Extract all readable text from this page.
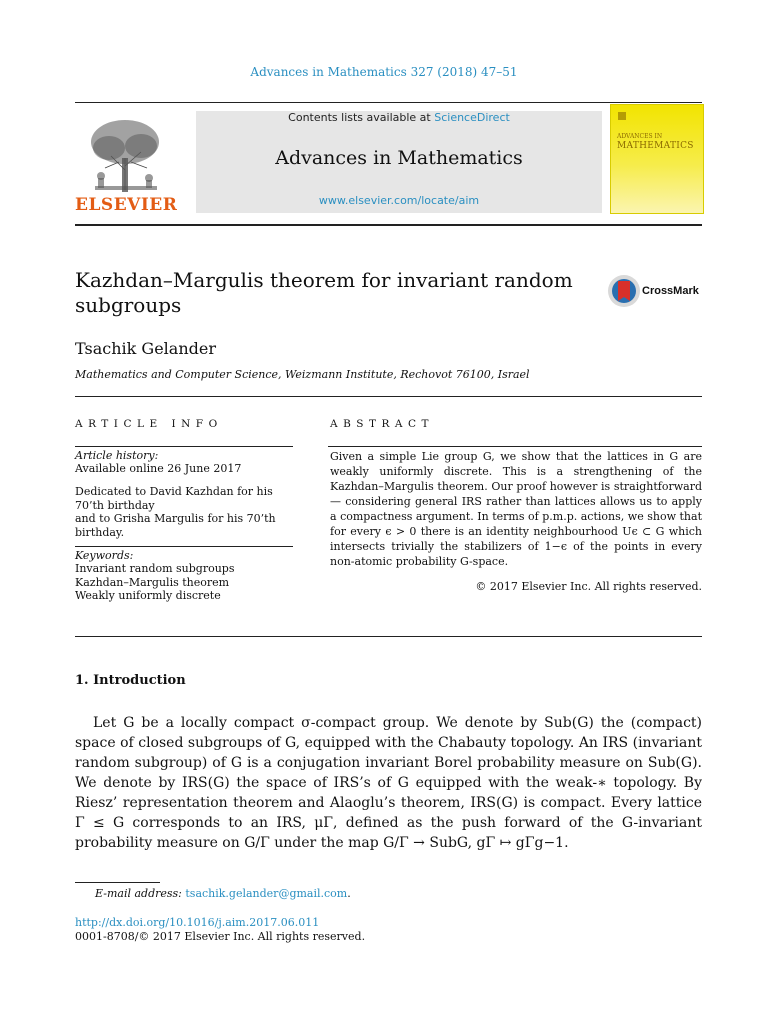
Advances in Mathematics 327 (2018) 47–51
ELSEVIER
Contents lists available at ScienceDirect
Advances in Mathematics
www.elsevier.com/locate/aim
ADVANCES IN
MATHEMATICS
Kazhdan–Margulis theorem for invariant random subgroups
CrossMark
Tsachik Gelander
Mathematics and Computer Science, Weizmann Institute, Rechovot 76100, Israel
ARTICLE INFO
Article history:
Available online 26 June 2017
Dedicated to David Kazhdan for his
70’th birthday
and to Grisha Margulis for his 70’th
birthday.
Keywords:
Invariant random subgroups
Kazhdan–Margulis theorem
Weakly uniformly discrete
ABSTRACT
Given a simple Lie group G, we show that the lattices in G are weakly uniformly discrete. This is a strengthening of the Kazhdan–Margulis theorem. Our proof however is straightforward — considering general IRS rather than lattices allows us to apply a compactness argument. In terms of p.m.p. actions, we show that for every ϵ > 0 there is an identity neighbourhood Uϵ ⊂ G which intersects trivially the stabilizers of 1−ϵ of the points in every non-atomic probability G-space.
© 2017 Elsevier Inc. All rights reserved.
1. Introduction
Let G be a locally compact σ-compact group. We denote by Sub(G) the (compact) space of closed subgroups of G, equipped with the Chabauty topology. An IRS (invariant random subgroup) of G is a conjugation invariant Borel probability measure on Sub(G). We denote by IRS(G) the space of IRS’s of G equipped with the weak-∗ topology. By Riesz’ representation theorem and Alaoglu’s theorem, IRS(G) is compact. Every lattice Γ ≤ G corresponds to an IRS, μΓ, defined as the push forward of the G-invariant probability measure on G/Γ under the map G/Γ → SubG, gΓ ↦ gΓg−1.
E-mail address: tsachik.gelander@gmail.com.
http://dx.doi.org/10.1016/j.aim.2017.06.011
0001-8708/© 2017 Elsevier Inc. All rights reserved.
